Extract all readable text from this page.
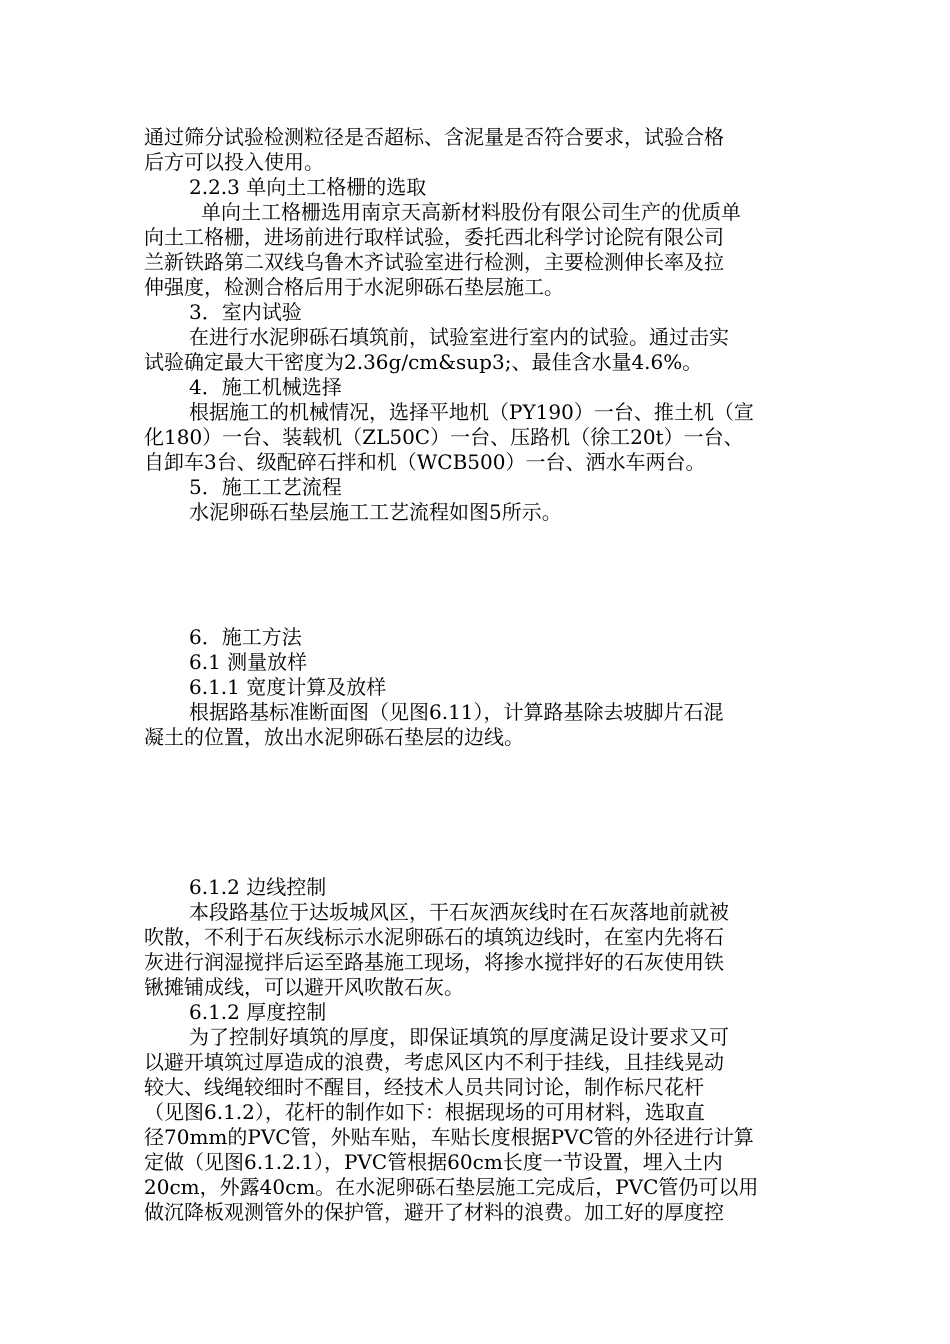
通过筛分试验检测粒径是否超标、含泥量是否符合要求，试验合格
后方可以投入使用。
2.2.3 单向土工格栅的选取
单向土工格栅选用南京天高新材料股份有限公司生产的优质单
向土工格栅，进场前进行取样试验，委托西北科学讨论院有限公司
兰新铁路第二双线乌鲁木齐试验室进行检测，主要检测伸长率及拉
伸强度，检测合格后用于水泥卵砾石垫层施工。
3．室内试验
在进行水泥卵砾石填筑前，试验室进行室内的试验。通过击实
试验确定最大干密度为2.36g/cm&sup3;、最佳含水量4.6%。
4．施工机械选择
根据施工的机械情况，选择平地机（PY190）一台、推土机（宣
化180）一台、装载机（ZL50C）一台、压路机（徐工20t）一台、
自卸车3台、级配碎石拌和机（WCB500）一台、洒水车两台。
5．施工工艺流程
水泥卵砾石垫层施工工艺流程如图5所示。
6．施工方法
6.1 测量放样
6.1.1 宽度计算及放样
根据路基标准断面图（见图6.11），计算路基除去坡脚片石混
凝土的位置，放出水泥卵砾石垫层的边线。
6.1.2 边线控制
本段路基位于达坂城风区，干石灰洒灰线时在石灰落地前就被
吹散，不利于石灰线标示水泥卵砾石的填筑边线时，在室内先将石
灰进行润湿搅拌后运至路基施工现场，将掺水搅拌好的石灰使用铁
锹摊铺成线，可以避开风吹散石灰。
6.1.2 厚度控制
为了控制好填筑的厚度，即保证填筑的厚度满足设计要求又可
以避开填筑过厚造成的浪费，考虑风区内不利于挂线，且挂线晃动
较大、线绳较细时不醒目，经技术人员共同讨论，制作标尺花杆
（见图6.1.2），花杆的制作如下：根据现场的可用材料，选取直
径70mm的PVC管，外贴车贴，车贴长度根据PVC管的外径进行计算
定做（见图6.1.2.1），PVC管根据60cm长度一节设置，埋入土内
20cm，外露40cm。在水泥卵砾石垫层施工完成后，PVC管仍可以用
做沉降板观测管外的保护管，避开了材料的浪费。加工好的厚度控
